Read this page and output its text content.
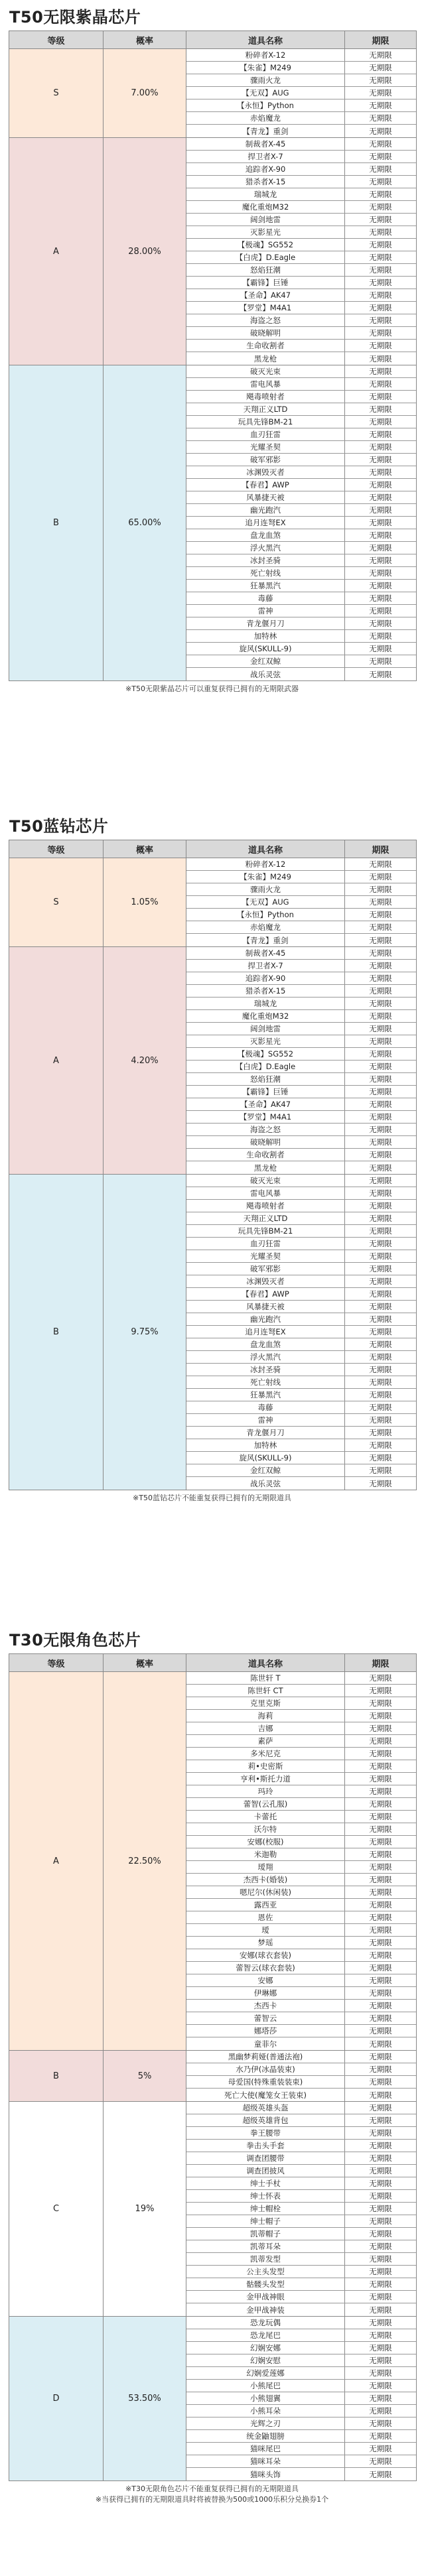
T50无限紫晶芯片
等级	概率	道具名称	期限
S	7.00%
粉碎者X-12	无期限
【朱雀】M249	无期限
骤雨火龙	无期限
【无双】AUG	无期限
【永恒】Python	无期限
赤焰魔龙	无期限
【青龙】重剑	无期限
A	28.00%
制裁者X-45	无期限
捍卫者X-7	无期限
追踪者X-90	无期限
猎杀者X-15	无期限
瑞城龙	无期限
魔化重炮M32	无期限
阔剑地雷	无期限
灭影星光	无期限
【极魂】SG552	无期限
【白虎】D.Eagle	无期限
怒焰狂潮	无期限
【霸锋】巨锤	无期限
【圣命】AK47	无期限
【罗堂】M4A1	无期限
海盗之怒	无期限
破晓解明	无期限
生命收割者	无期限
黑龙枪	无期限
B	65.00%
破灭光束	无期限
雷电风暴	无期限
飓毒喷射者	无期限
天翔正义LTD	无期限
玩具先锋BM-21	无期限
血刃狂雷	无期限
光耀圣契	无期限
破军邪影	无期限
冰渊毁灭者	无期限
【春君】AWP	无期限
风暴捷天被	无期限
幽光跑汽	无期限
追月连弩EX	无期限
盘龙血煞	无期限
浮火黑汽	无期限
冰封圣骑	无期限
死亡射线	无期限
狂暴黑汽	无期限
毒藤	无期限
雷神	无期限
青龙偃月刀	无期限
加特林	无期限
旋风(SKULL-9)	无期限
金红双鲸	无期限
战乐灵弦	无期限
※T50无限紫晶芯片可以重复获得已拥有的无期限武器
T50蓝钻芯片
等级	概率	道具名称	期限
S	1.05%
粉碎者X-12	无期限
【朱雀】M249	无期限
骤雨火龙	无期限
【无双】AUG	无期限
【永恒】Python	无期限
赤焰魔龙	无期限
【青龙】重剑	无期限
A	4.20%
制裁者X-45	无期限
捍卫者X-7	无期限
追踪者X-90	无期限
猎杀者X-15	无期限
瑞城龙	无期限
魔化重炮M32	无期限
阔剑地雷	无期限
灭影星光	无期限
【极魂】SG552	无期限
【白虎】D.Eagle	无期限
怒焰狂潮	无期限
【霸锋】巨锤	无期限
【圣命】AK47	无期限
【罗堂】M4A1	无期限
海盗之怒	无期限
破晓解明	无期限
生命收割者	无期限
黑龙枪	无期限
B	9.75%
破灭光束	无期限
雷电风暴	无期限
飓毒喷射者	无期限
天翔正义LTD	无期限
玩具先锋BM-21	无期限
血刃狂雷	无期限
光耀圣契	无期限
破军邪影	无期限
冰渊毁灭者	无期限
【春君】AWP	无期限
风暴捷天被	无期限
幽光跑汽	无期限
追月连弩EX	无期限
盘龙血煞	无期限
浮火黑汽	无期限
冰封圣骑	无期限
死亡射线	无期限
狂暴黑汽	无期限
毒藤	无期限
雷神	无期限
青龙偃月刀	无期限
加特林	无期限
旋风(SKULL-9)	无期限
金红双鲸	无期限
战乐灵弦	无期限
※T50蓝钻芯片不能重复获得已拥有的无期限道具
T30无限角色芯片
等级	概率	道具名称	期限
A	22.50%
陈世轩 T	无期限
陈世轩 CT	无期限
克里克斯	无期限
海莉	无期限
吉娜	无期限
素萨	无期限
多米尼克	无期限
莉•史密斯	无期限
亨利•斯托力道	无期限
玛玲	无期限
蕾智(云孔服)	无期限
卡蕾托	无期限
沃尔特	无期限
安娜(校服)	无期限
米迦勒	无期限
瑷翔	无期限
杰西卡(婚装)	无期限
嗯尼尔(休闲装)	无期限
露西亚	无期限
恩佐	无期限
瑷	无期限
梦瑶	无期限
安娜(球衣套装)	无期限
蕾智云(球衣套装)	无期限
安娜	无期限
伊琳娜	无期限
杰西卡	无期限
蕾智云	无期限
娜塔莎	无期限
童菲尔	无期限
B	5%
黑幽梦莉娅(普通法袍)	无期限
水乃伊(冰晶装束)	无期限
母爱国(特殊重装装束)	无期限
死亡大使(魔笼女王装束)	无期限
C	19%
超级英雄头盔	无期限
超级英雄背包	无期限
拳王腰带	无期限
拳击头手套	无期限
调查团腰带	无期限
调查团披风	无期限
绅士手杖	无期限
绅士怀表	无期限
绅士帽栓	无期限
绅士帽子	无期限
凯蒂帽子	无期限
凯蒂耳朵	无期限
凯蒂发型	无期限
公主头发型	无期限
骷髅头发型	无期限
金甲战神眼	无期限
金甲战神装	无期限
D	53.50%
恐龙玩偶	无期限
恐龙尾巴	无期限
幻娴安娜	无期限
幻娴安慰	无期限
幻娴爱莲娜	无期限
小熊尾巴	无期限
小熊翅翼	无期限
小熊耳朵	无期限
光辉之刃	无期限
统金鼬翅膀	无期限
猫咪尾巴	无期限
猫咪耳朵	无期限
猫咪头饰	无期限
※T30无限角色芯片不能重复获得已拥有的无期限道具
※当获得已拥有的无期限道具时将被替换为500或1000乐积分兑换券1个
